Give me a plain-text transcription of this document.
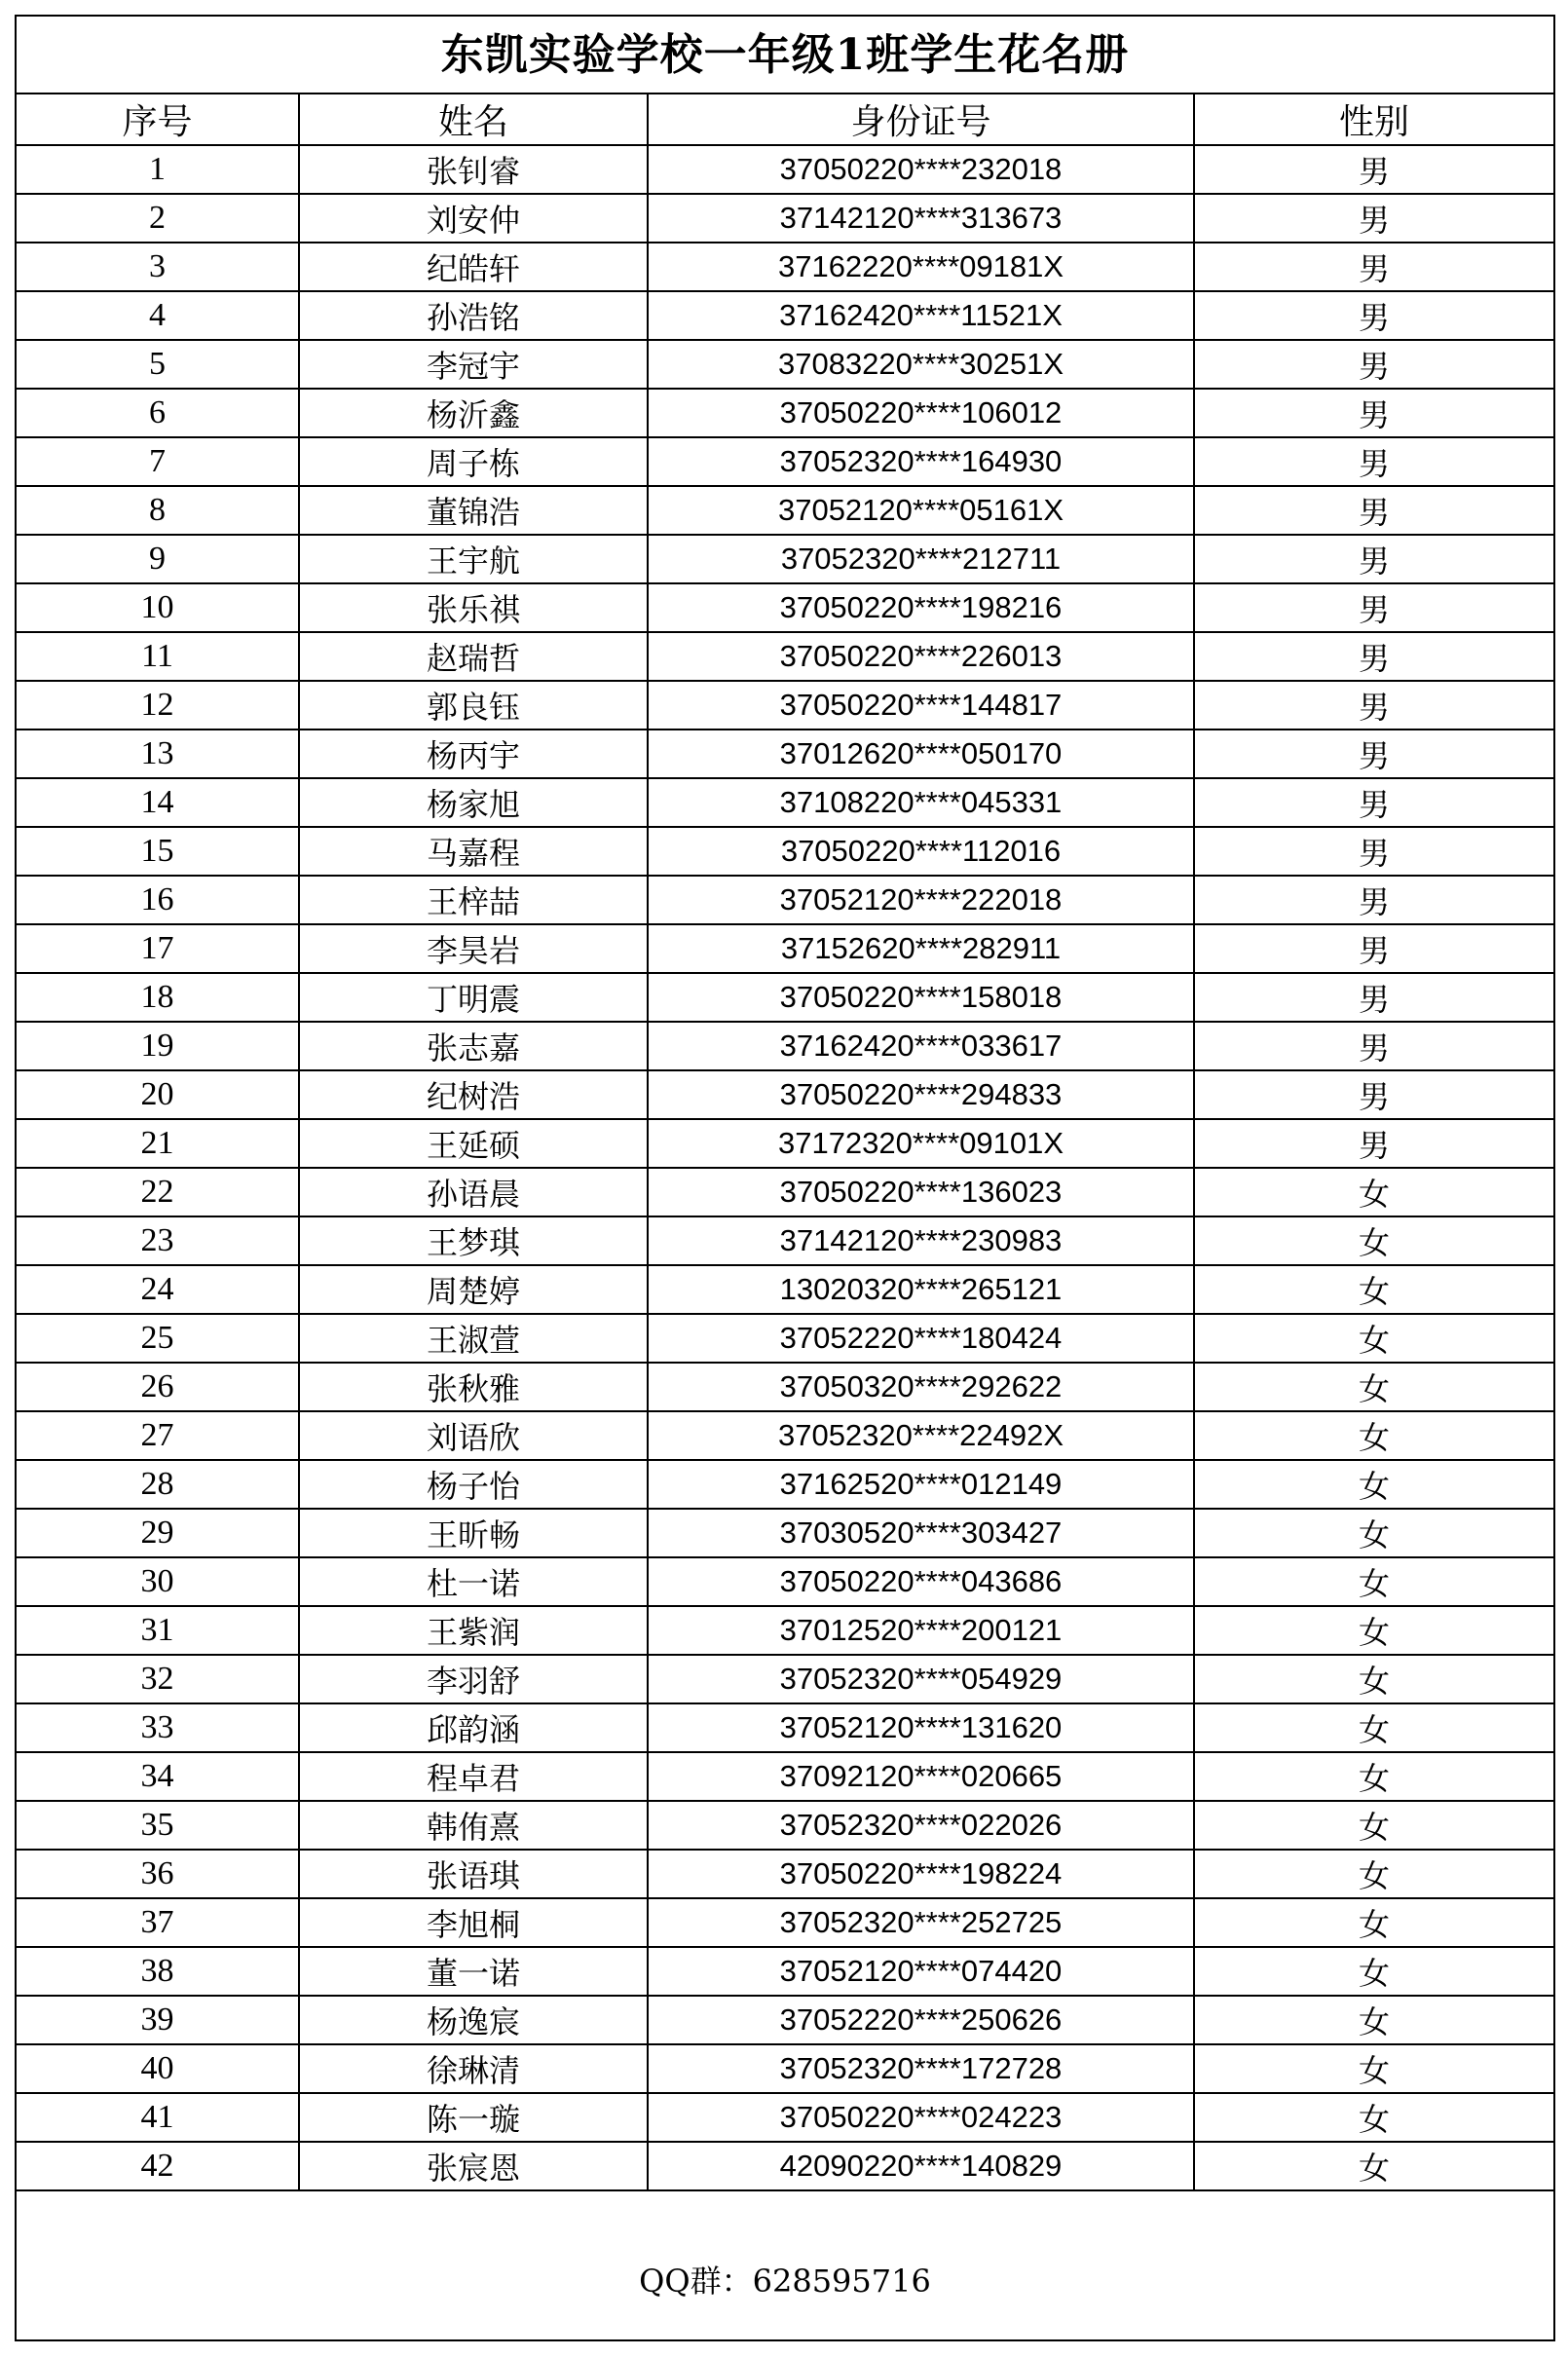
东凯实验学校一年级1班学生花名册
序号	姓名	身份证号	性别
1	张钊睿	37050220****232018	男
2	刘安仲	37142120****313673	男
3	纪皓轩	37162220****09181X	男
4	孙浩铭	37162420****11521X	男
5	李冠宇	37083220****30251X	男
6	杨沂鑫	37050220****106012	男
7	周子栋	37052320****164930	男
8	董锦浩	37052120****05161X	男
9	王宇航	37052320****212711	男
10	张乐祺	37050220****198216	男
11	赵瑞哲	37050220****226013	男
12	郭良钰	37050220****144817	男
13	杨丙宇	37012620****050170	男
14	杨家旭	37108220****045331	男
15	马嘉程	37050220****112016	男
16	王梓喆	37052120****222018	男
17	李昊岩	37152620****282911	男
18	丁明震	37050220****158018	男
19	张志嘉	37162420****033617	男
20	纪树浩	37050220****294833	男
21	王延硕	37172320****09101X	男
22	孙语晨	37050220****136023	女
23	王梦琪	37142120****230983	女
24	周楚婷	13020320****265121	女
25	王淑萱	37052220****180424	女
26	张秋雅	37050320****292622	女
27	刘语欣	37052320****22492X	女
28	杨子怡	37162520****012149	女
29	王昕畅	37030520****303427	女
30	杜一诺	37050220****043686	女
31	王紫润	37012520****200121	女
32	李羽舒	37052320****054929	女
33	邱韵涵	37052120****131620	女
34	程卓君	37092120****020665	女
35	韩侑熹	37052320****022026	女
36	张语琪	37050220****198224	女
37	李旭桐	37052320****252725	女
38	董一诺	37052120****074420	女
39	杨逸宸	37052220****250626	女
40	徐琳清	37052320****172728	女
41	陈一璇	37050220****024223	女
42	张宸恩	42090220****140829	女
QQ群：628595716
